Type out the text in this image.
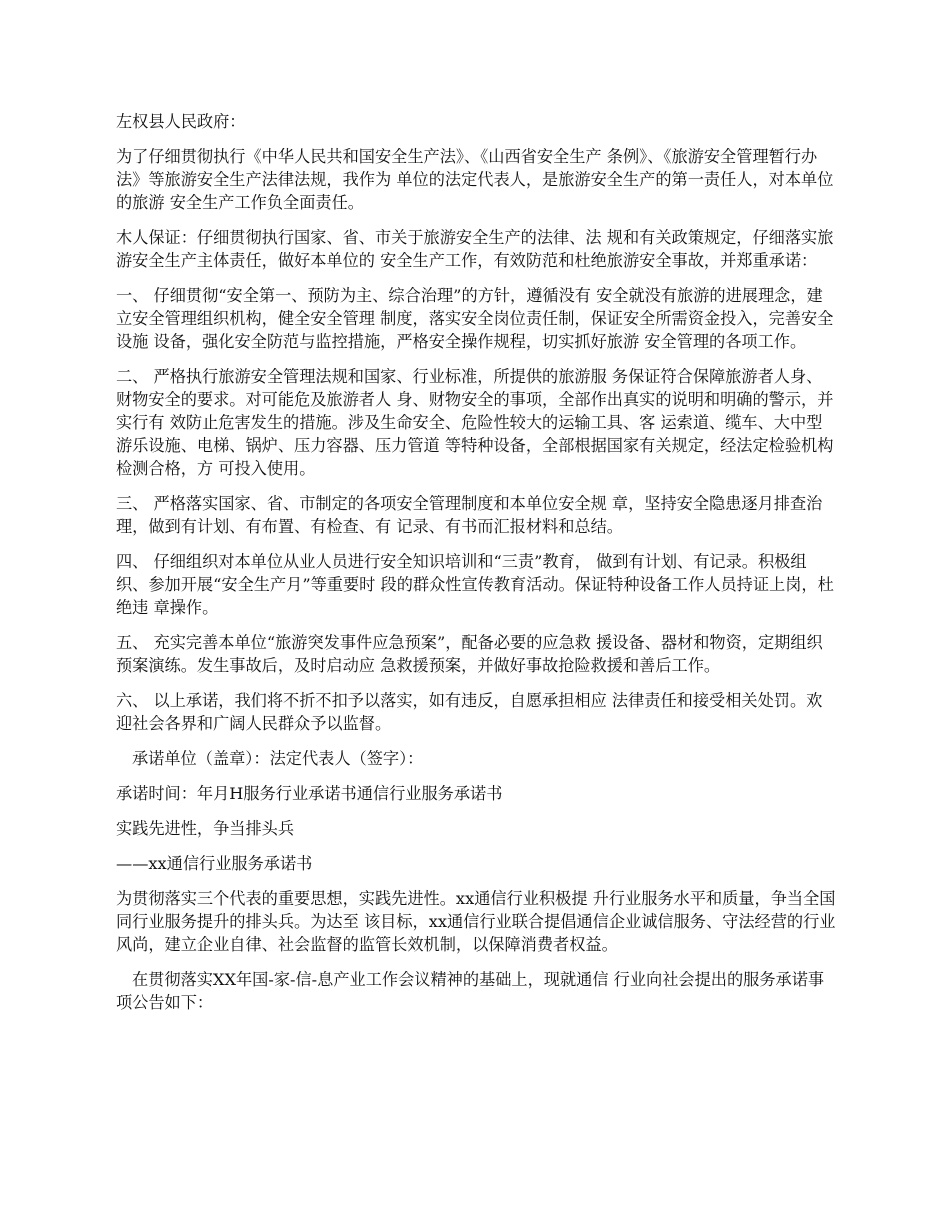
左权县人民政府：

为了仔细贯彻执行《中华人民共和国安全生产法》、《山西省安全生产 条例》、《旅游安全管理暂行办法》等旅游安全生产法律法规，我作为 单位的法定代表人，是旅游安全生产的第一责任人，对本单位的旅游 安全生产工作负全面责任。

木人保证：仔细贯彻执行国家、省、市关于旅游安全生产的法律、法 规和有关政策规定，仔细落实旅游安全生产主体责任，做好本单位的 安全生产工作，有效防范和杜绝旅游安全事故，并郑重承诺：

一、 仔细贯彻“安全第一、预防为主、综合治理”的方针，遵循没有 安全就没有旅游的进展理念，建立安全管理组织机构，健全安全管理 制度，落实安全岗位责任制，保证安全所需资金投入，完善安全设施 设备，强化安全防范与监控措施，严格安全操作规程，切实抓好旅游 安全管理的各项工作。

二、 严格执行旅游安全管理法规和国家、行业标准，所提供的旅游服 务保证符合保障旅游者人身、财物安全的要求。对可能危及旅游者人 身、财物安全的事项，全部作出真实的说明和明确的警示，并实行有 效防止危害发生的措施。涉及生命安全、危险性较大的运输工具、客 运索道、缆车、大中型游乐设施、电梯、锅炉、压力容器、压力管道 等特种设备，全部根据国家有关规定，经法定检验机构检测合格，方 可投入使用。

三、 严格落实国家、省、市制定的各项安全管理制度和本单位安全规 章，坚持安全隐患逐月排查治理，做到有计划、有布置、有检查、有 记录、有书而汇报材料和总结。

四、 仔细组织对本单位从业人员进行安全知识培训和“三责”教育， 做到有计划、有记录。积极组织、参加开展“安全生产月”等重要时 段的群众性宣传教育活动。保证特种设备工作人员持证上岗，杜绝违 章操作。

五、 充实完善本单位“旅游突发事件应急预案”，配备必要的应急救 援设备、器材和物资，定期组织预案演练。发生事故后，及时启动应 急救援预案，并做好事故抢险救援和善后工作。

六、 以上承诺，我们将不折不扣予以落实，如有违反，自愿承担相应 法律责任和接受相关处罚。欢迎社会各界和广阔人民群众予以监督。

承诺单位（盖章）：法定代表人（签字）：

承诺时间：年月H服务行业承诺书通信行业服务承诺书

实践先进性，争当排头兵

——xx通信行业服务承诺书

为贯彻落实三个代表的重要思想，实践先进性。xx通信行业积极提 升行业服务水平和质量，争当全国同行业服务提升的排头兵。为达至 该目标，xx通信行业联合提倡通信企业诚信服务、守法经营的行业 风尚，建立企业自律、社会监督的监管长效机制，以保障消费者权益。

在贯彻落实XX年国-家-信-息产业工作会议精神的基础上，现就通信 行业向社会提出的服务承诺事项公告如下：
